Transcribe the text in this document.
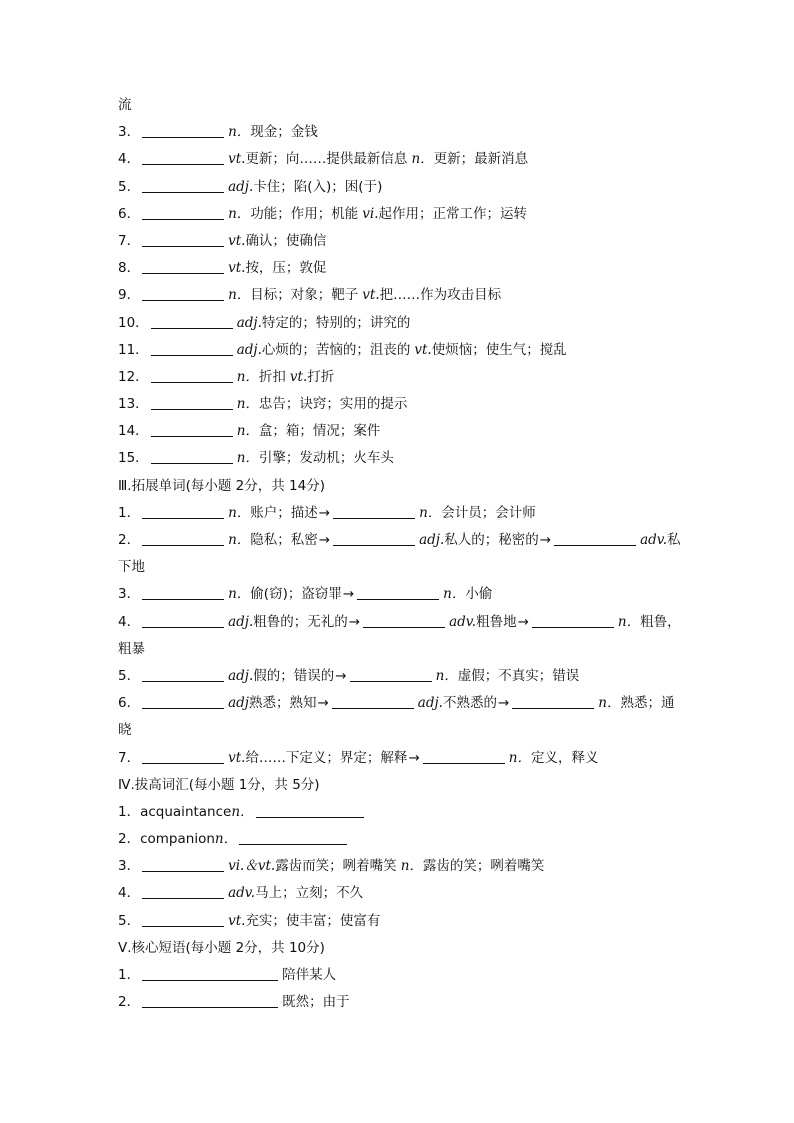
流
3．	n．现金；金钱
4．	vt.更新；向……提供最新信息 n．更新；最新消息
5．	adj.卡住；陷(入)；困(于)
6．	n．功能；作用；机能 vi.起作用；正常工作；运转
7．	vt.确认；使确信
8．	vt.按，压；敦促
9．	n．目标；对象；靶子 vt.把……作为攻击目标
10．	adj.特定的；特别的；讲究的
11．	adj.心烦的；苦恼的；沮丧的 vt.使烦恼；使生气；搅乱
12．	n．折扣 vt.打折
13．	n．忠告；诀窍；实用的提示
14．	n．盒；箱；情况；案件
15．	n．引擎；发动机；火车头
Ⅲ.拓展单词(每小题 2分，共 14分)
1．	n．账户；描述→	n．会计员；会计师
2．	n．隐私；私密→	adj.私人的；秘密的→	adv.私
下地
3．	n．偷(窃)；盗窃罪→	n．小偷
4．	adj.粗鲁的；无礼的→	adv.粗鲁地→	n．粗鲁，
粗暴
5．	adj.假的；错误的→	n．虚假；不真实；错误
6．	adj熟悉；熟知→	adj.不熟悉的→	n．熟悉；通
晓
7．	vt.给……下定义；界定；解释→	n．定义，释义
Ⅳ.拔高词汇(每小题 1分，共 5分)
1．acquaintancen．
2．companionn．
3．	vi.＆vt.露齿而笑；咧着嘴笑 n．露齿的笑；咧着嘴笑
4．	adv.马上；立刻；不久
5．	vt.充实；使丰富；使富有
Ⅴ.核心短语(每小题 2分，共 10分)
1．	陪伴某人
2．	既然；由于
